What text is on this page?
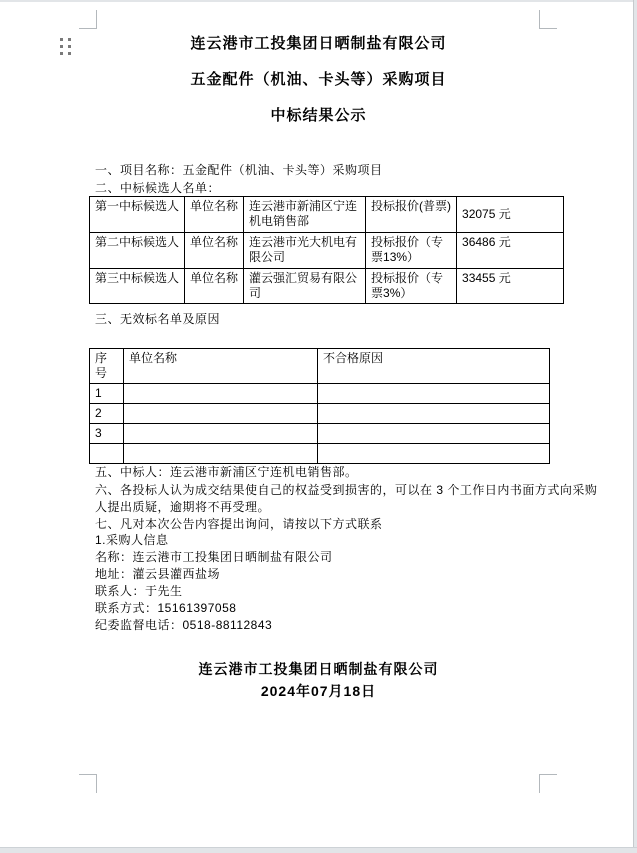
连云港市工投集团日晒制盐有限公司
五金配件（机油、卡头等）采购项目
中标结果公示
一、项目名称：五金配件（机油、卡头等）采购项目
二、中标候选人名单：
第一中标候选人	单位名称	连云港市新浦区宁连机电销售部	投标报价(普票)	32075 元
第二中标候选人	单位名称	连云港市光大机电有限公司	投标报价（专票13%）	36486 元
第三中标候选人	单位名称	灌云强汇贸易有限公司	投标报价（专票3%）	33455 元
三、无效标名单及原因
序号	单位名称	不合格原因
1		
2		
3		

五、中标人：连云港市新浦区宁连机电销售部。
六、各投标人认为成交结果使自己的权益受到损害的，可以在 3 个工作日内书面方式向采购
人提出质疑，逾期将不再受理。
七、凡对本次公告内容提出询问，请按以下方式联系
1.采购人信息
名称：连云港市工投集团日晒制盐有限公司
地址：灌云县灌西盐场
联系人：于先生
联系方式：15161397058
纪委监督电话：0518-88112843
连云港市工投集团日晒制盐有限公司
2024年07月18日
